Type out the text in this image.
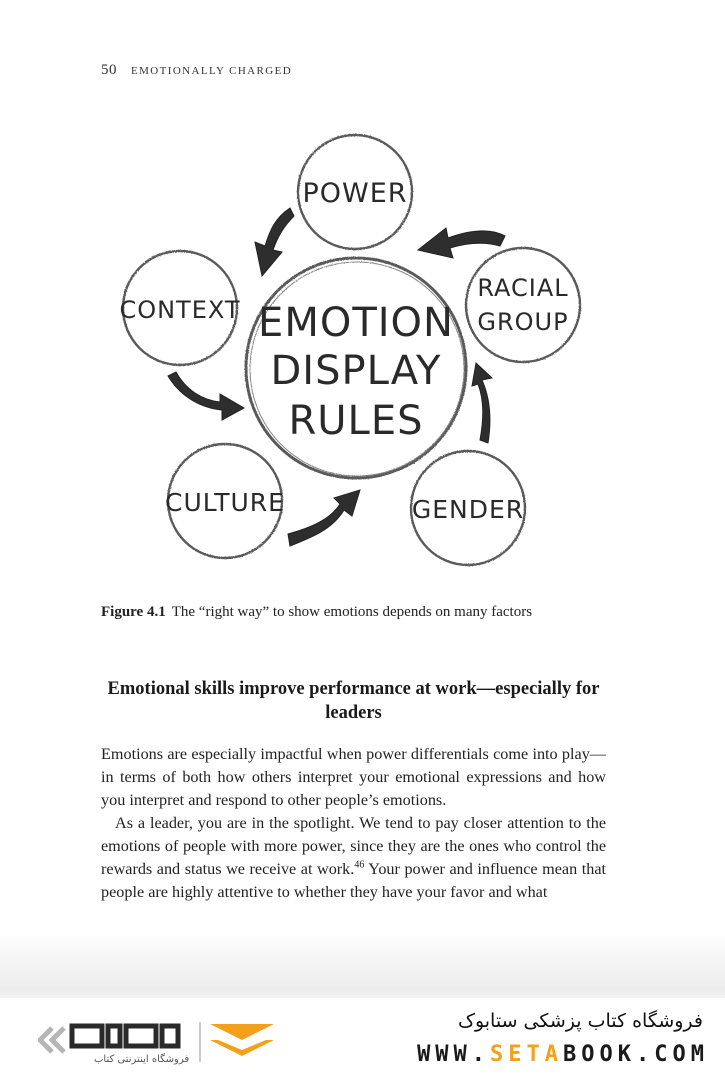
50 EMOTIONALLY CHARGED
EMOTION
DISPLAY
RULES
POWER
RACIAL
GROUP
GENDER
CULTURE
CONTEXT
Figure 4.1 The “right way” to show emotions depends on many factors
Emotional skills improve performance at work—especially for leaders

Emotions are especially impactful when power differentials come into play—in terms of both how others interpret your emotional expressions and how you interpret and respond to other people’s emotions.

As a leader, you are in the spotlight. We tend to pay closer attention to the emotions of people with more power, since they are the ones who control the rewards and status we receive at work.$^{46}$ Your power and influence mean that people are highly attentive to whether they have your favor and what

فروشگاه اینترنتی کتاب
فروشگاه کتاب پزشکی ستابوک
WWW.SETABOOK.COM
